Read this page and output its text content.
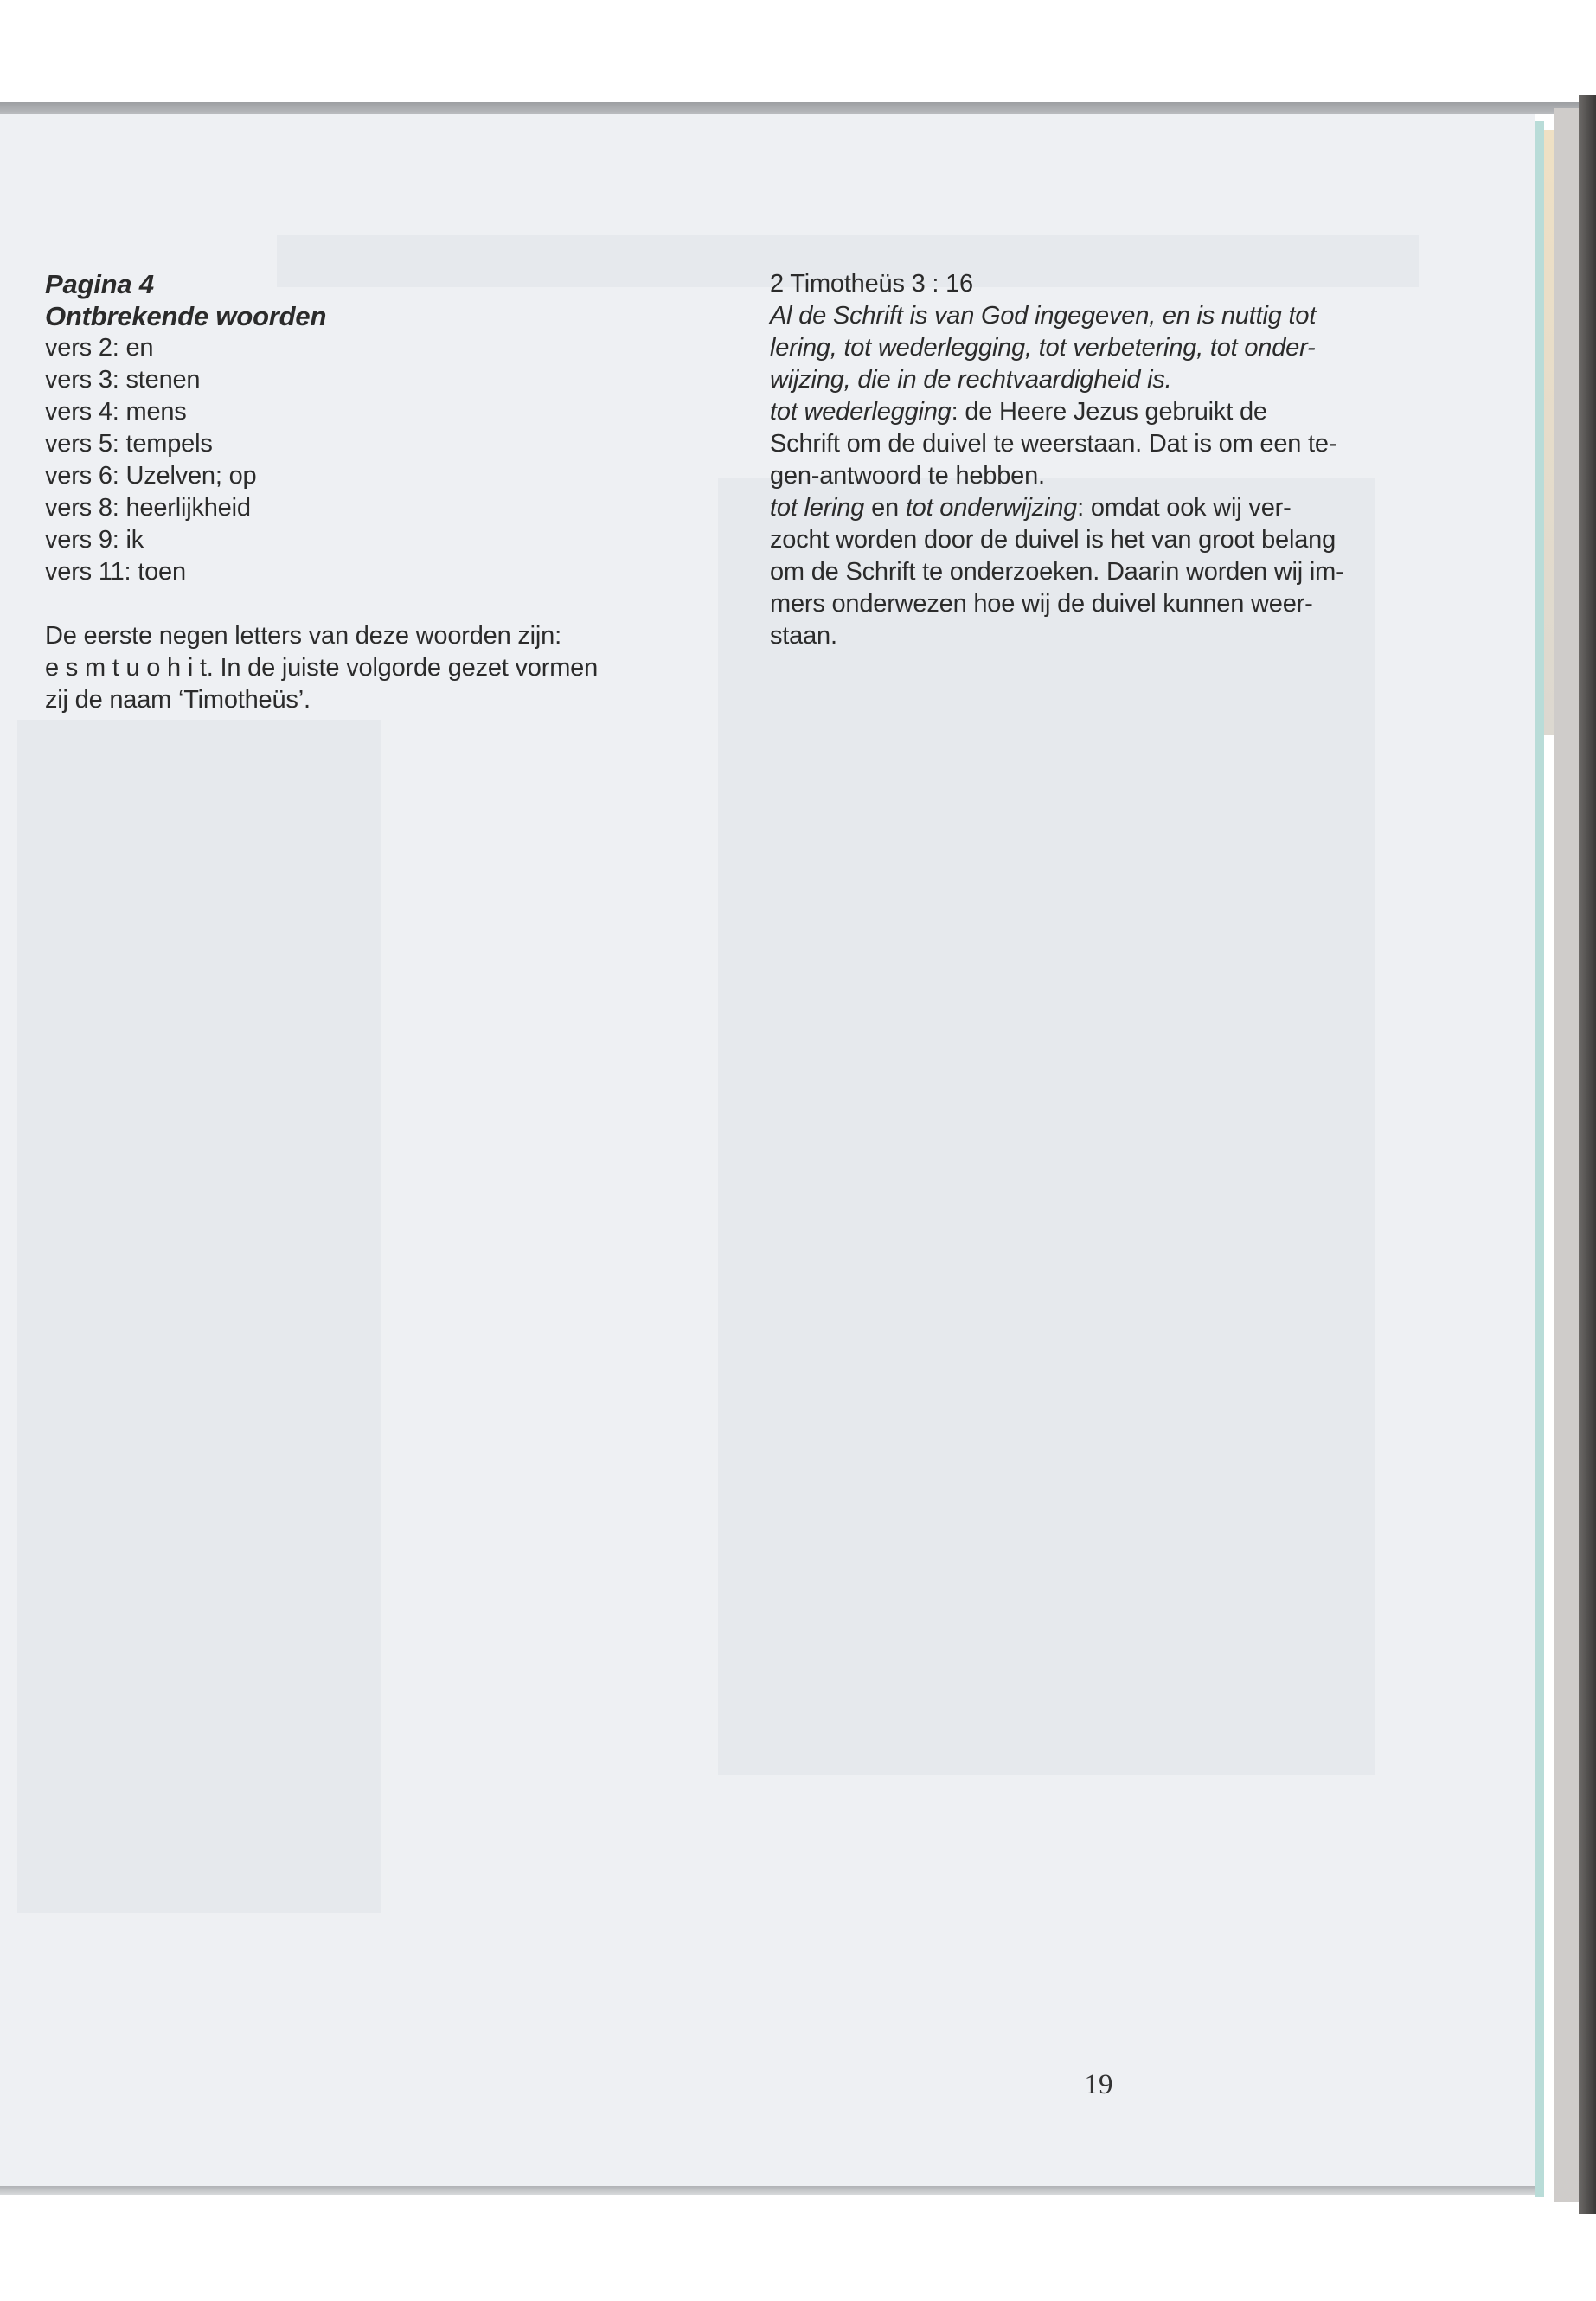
Pagina 4

Ontbrekende woorden

vers 2: en

vers 3: stenen

vers 4: mens

vers 5: tempels

vers 6: Uzelven; op

vers 8: heerlijkheid

vers 9: ik

vers 11: toen

De eerste negen letters van deze woorden zijn:

e s m t u o h i t. In de juiste volgorde gezet vormen

zij de naam ‘Timotheüs’.

2 Timotheüs 3 : 16

Al de Schrift is van God ingegeven, en is nuttig tot

lering, tot wederlegging, tot verbetering, tot onder-

wijzing, die in de rechtvaardigheid is.

tot wederlegging: de Heere Jezus gebruikt de

Schrift om de duivel te weerstaan. Dat is om een te-

gen-antwoord te hebben.

tot lering en tot onderwijzing: omdat ook wij ver-

zocht worden door de duivel is het van groot belang

om de Schrift te onderzoeken. Daarin worden wij im-

mers onderwezen hoe wij de duivel kunnen weer-

staan.

19
